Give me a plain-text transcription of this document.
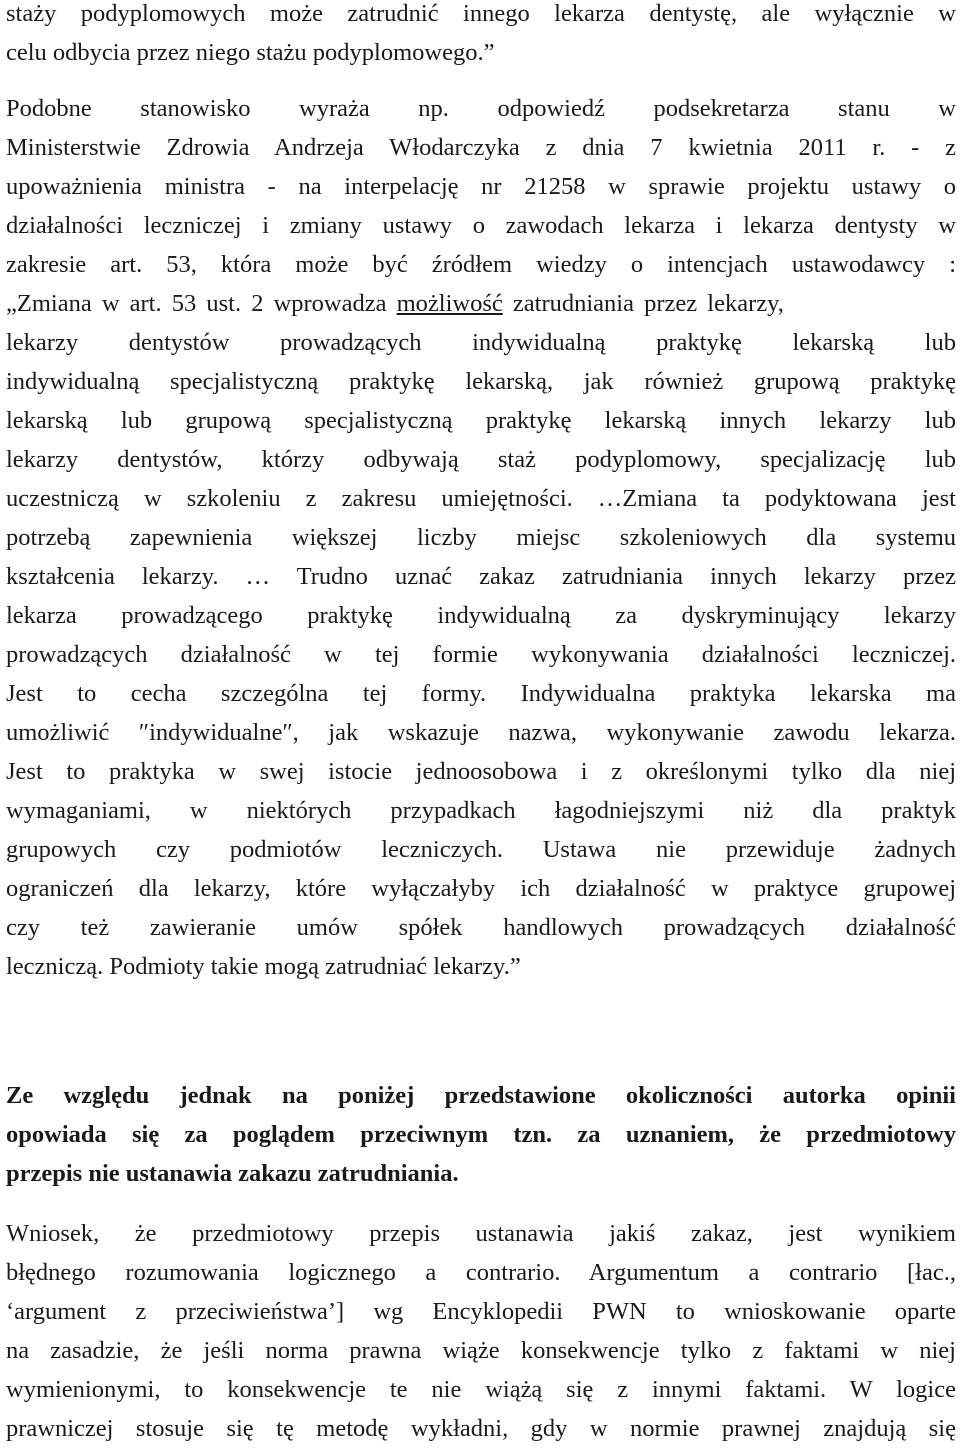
staży podyplomowych może zatrudnić innego lekarza dentystę, ale wyłącznie w
celu odbycia przez niego stażu podyplomowego.”
Podobne stanowisko wyraża np. odpowiedź podsekretarza stanu w
Ministerstwie Zdrowia Andrzeja Włodarczyka z dnia 7 kwietnia 2011 r. - z
upoważnienia ministra - na interpelację nr 21258 w sprawie projektu ustawy o
działalności leczniczej i zmiany ustawy o zawodach lekarza i lekarza dentysty w
zakresie art. 53, która może być źródłem wiedzy o intencjach ustawodawcy :
„Zmiana w art. 53 ust. 2 wprowadza możliwość zatrudniania przez lekarzy,
lekarzy dentystów prowadzących indywidualną praktykę lekarską lub
indywidualną specjalistyczną praktykę lekarską, jak również grupową praktykę
lekarską lub grupową specjalistyczną praktykę lekarską innych lekarzy lub
lekarzy dentystów, którzy odbywają staż podyplomowy, specjalizację lub
uczestniczą w szkoleniu z zakresu umiejętności. …Zmiana ta podyktowana jest
potrzebą zapewnienia większej liczby miejsc szkoleniowych dla systemu
kształcenia lekarzy. … Trudno uznać zakaz zatrudniania innych lekarzy przez
lekarza prowadzącego praktykę indywidualną za dyskryminujący lekarzy
prowadzących działalność w tej formie wykonywania działalności leczniczej.
Jest to cecha szczególna tej formy. Indywidualna praktyka lekarska ma
umożliwić ″indywidualne″, jak wskazuje nazwa, wykonywanie zawodu lekarza.
Jest to praktyka w swej istocie jednoosobowa i z określonymi tylko dla niej
wymaganiami, w niektórych przypadkach łagodniejszymi niż dla praktyk
grupowych czy podmiotów leczniczych. Ustawa nie przewiduje żadnych
ograniczeń dla lekarzy, które wyłączałyby ich działalność w praktyce grupowej
czy też zawieranie umów spółek handlowych prowadzących działalność
leczniczą. Podmioty takie mogą zatrudniać lekarzy.”
Ze względu jednak na poniżej przedstawione okoliczności autorka opinii
opowiada się za poglądem przeciwnym tzn. za uznaniem, że przedmiotowy
przepis nie ustanawia zakazu zatrudniania.
Wniosek, że przedmiotowy przepis ustanawia jakiś zakaz, jest wynikiem
błędnego rozumowania logicznego a contrario. Argumentum a contrario [łac.,
‘argument z przeciwieństwa’] wg Encyklopedii PWN to wnioskowanie oparte
na zasadzie, że jeśli norma prawna wiąże konsekwencje tylko z faktami w niej
wymienionymi, to konsekwencje te nie wiążą się z innymi faktami. W logice
prawniczej stosuje się tę metodę wykładni, gdy w normie prawnej znajdują się
